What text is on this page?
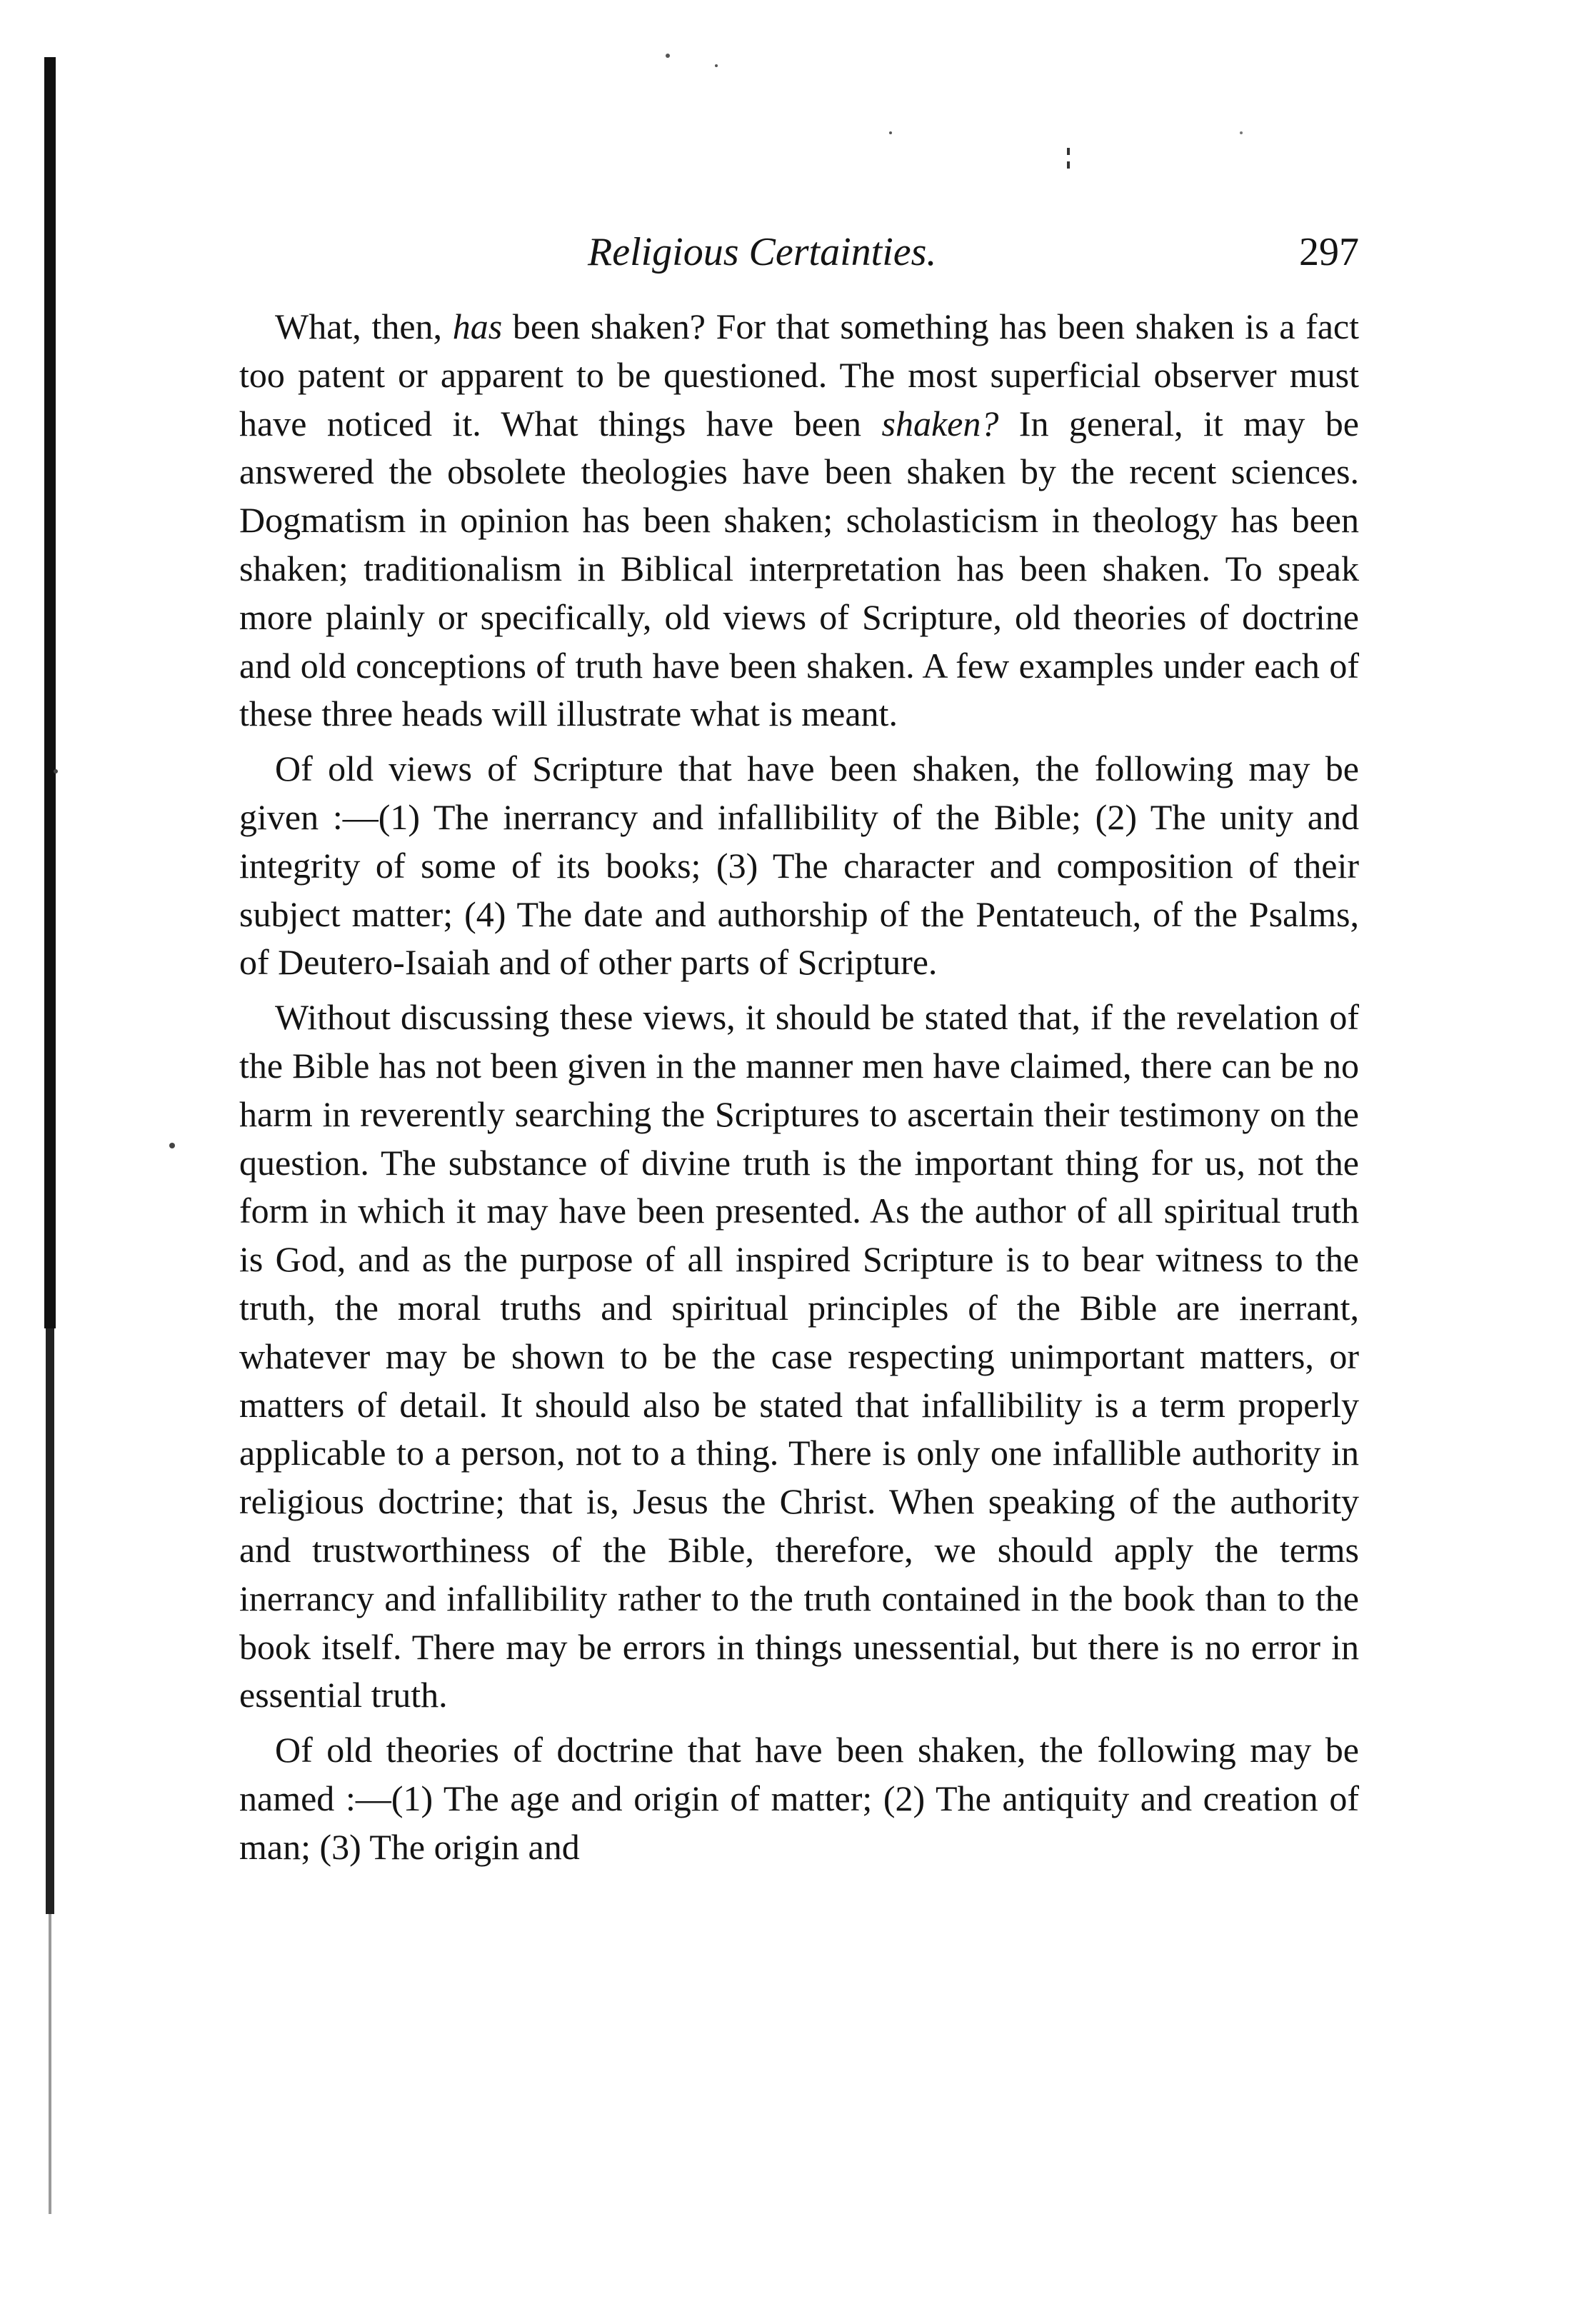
Religious Certainties.	297

What, then, has been shaken? For that something has been shaken is a fact too patent or apparent to be questioned. The most superficial observer must have noticed it. What things have been shaken? In general, it may be answered the obsolete theologies have been shaken by the recent sciences. Dogmatism in opinion has been shaken; scholasticism in theology has been shaken; traditionalism in Biblical interpretation has been shaken. To speak more plainly or specifically, old views of Scripture, old theories of doctrine and old conceptions of truth have been shaken. A few examples under each of these three heads will illustrate what is meant.

Of old views of Scripture that have been shaken, the following may be given :—(1) The inerrancy and infallibility of the Bible; (2) The unity and integrity of some of its books; (3) The character and composition of their subject matter; (4) The date and authorship of the Pentateuch, of the Psalms, of Deutero-Isaiah and of other parts of Scripture.

Without discussing these views, it should be stated that, if the revelation of the Bible has not been given in the manner men have claimed, there can be no harm in reverently searching the Scriptures to ascertain their testimony on the question. The substance of divine truth is the important thing for us, not the form in which it may have been presented. As the author of all spiritual truth is God, and as the purpose of all inspired Scripture is to bear witness to the truth, the moral truths and spiritual principles of the Bible are inerrant, whatever may be shown to be the case respecting unimportant matters, or matters of detail. It should also be stated that infallibility is a term properly applicable to a person, not to a thing. There is only one infallible authority in religious doctrine; that is, Jesus the Christ. When speaking of the authority and trustworthiness of the Bible, therefore, we should apply the terms inerrancy and infallibility rather to the truth contained in the book than to the book itself. There may be errors in things unessential, but there is no error in essential truth.

Of old theories of doctrine that have been shaken, the following may be named :—(1) The age and origin of matter; (2) The antiquity and creation of man; (3) The origin and
